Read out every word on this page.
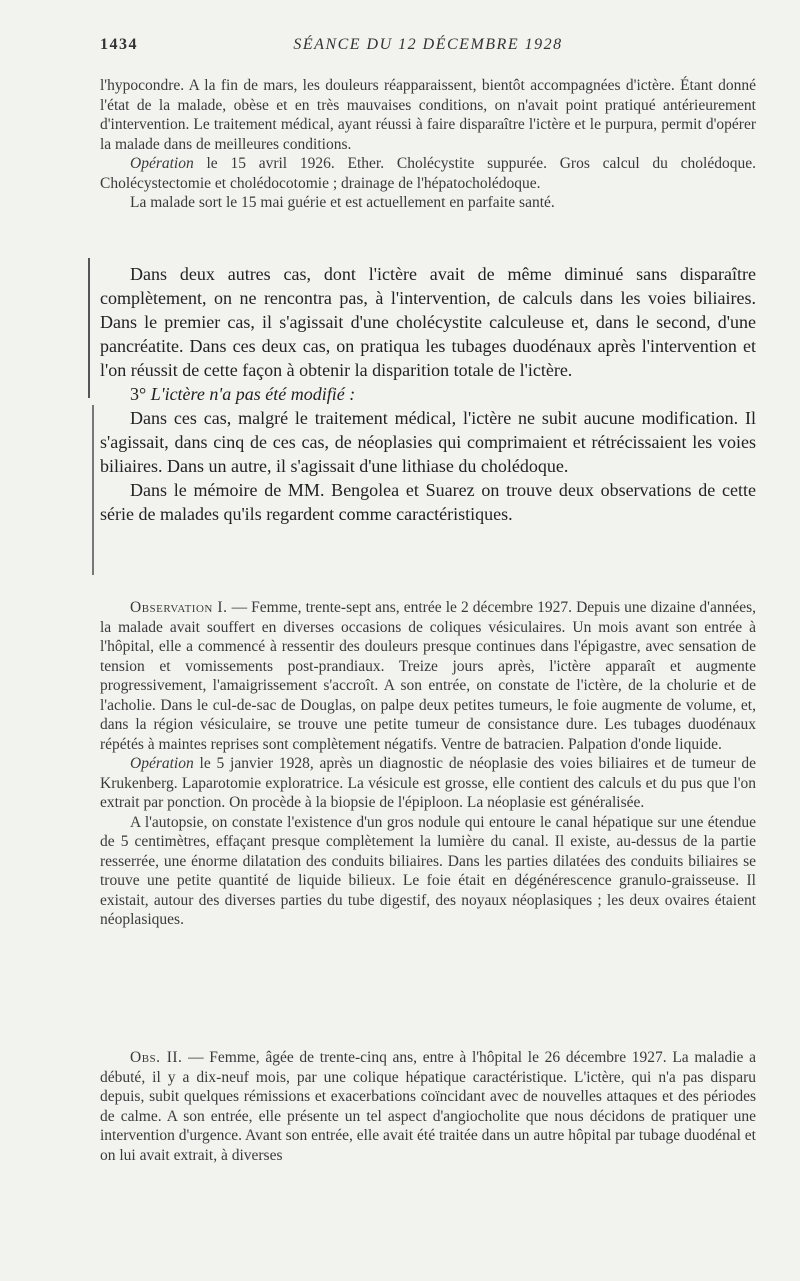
1434	SÉANCE DU 12 DÉCEMBRE 1928

l'hypocondre. A la fin de mars, les douleurs réapparaissent, bientôt accompagnées d'ictère. Étant donné l'état de la malade, obèse et en très mauvaises conditions, on n'avait point pratiqué antérieurement d'intervention. Le traitement médical, ayant réussi à faire disparaître l'ictère et le purpura, permit d'opérer la malade dans de meilleures conditions.

Opération le 15 avril 1926. Ether. Cholécystite suppurée. Gros calcul du cholédoque. Cholécystectomie et cholédocotomie ; drainage de l'hépatocholédoque.

La malade sort le 15 mai guérie et est actuellement en parfaite santé.

Dans deux autres cas, dont l'ictère avait de même diminué sans disparaître complètement, on ne rencontra pas, à l'intervention, de calculs dans les voies biliaires. Dans le premier cas, il s'agissait d'une cholécystite calculeuse et, dans le second, d'une pancréatite. Dans ces deux cas, on pratiqua les tubages duodénaux après l'intervention et l'on réussit de cette façon à obtenir la disparition totale de l'ictère.

3° L'ictère n'a pas été modifié :

Dans ces cas, malgré le traitement médical, l'ictère ne subit aucune modification. Il s'agissait, dans cinq de ces cas, de néoplasies qui comprimaient et rétrécissaient les voies biliaires. Dans un autre, il s'agissait d'une lithiase du cholédoque.

Dans le mémoire de MM. Bengolea et Suarez on trouve deux observations de cette série de malades qu'ils regardent comme caractéristiques.

Observation I. — Femme, trente-sept ans, entrée le 2 décembre 1927. Depuis une dizaine d'années, la malade avait souffert en diverses occasions de coliques vésiculaires. Un mois avant son entrée à l'hôpital, elle a commencé à ressentir des douleurs presque continues dans l'épigastre, avec sensation de tension et vomissements post-prandiaux. Treize jours après, l'ictère apparaît et augmente progressivement, l'amaigrissement s'accroît. A son entrée, on constate de l'ictère, de la cholurie et de l'acholie. Dans le cul-de-sac de Douglas, on palpe deux petites tumeurs, le foie augmente de volume, et, dans la région vésiculaire, se trouve une petite tumeur de consistance dure. Les tubages duodénaux répétés à maintes reprises sont complètement négatifs. Ventre de batracien. Palpation d'onde liquide.

Opération le 5 janvier 1928, après un diagnostic de néoplasie des voies biliaires et de tumeur de Krukenberg. Laparotomie exploratrice. La vésicule est grosse, elle contient des calculs et du pus que l'on extrait par ponction. On procède à la biopsie de l'épiploon. La néoplasie est généralisée.

A l'autopsie, on constate l'existence d'un gros nodule qui entoure le canal hépatique sur une étendue de 5 centimètres, effaçant presque complètement la lumière du canal. Il existe, au-dessus de la partie resserrée, une énorme dilatation des conduits biliaires. Dans les parties dilatées des conduits biliaires se trouve une petite quantité de liquide bilieux. Le foie était en dégénérescence granulo-graisseuse. Il existait, autour des diverses parties du tube digestif, des noyaux néoplasiques ; les deux ovaires étaient néoplasiques.

Obs. II. — Femme, âgée de trente-cinq ans, entre à l'hôpital le 26 décembre 1927. La maladie a débuté, il y a dix-neuf mois, par une colique hépatique caractéristique. L'ictère, qui n'a pas disparu depuis, subit quelques rémissions et exacerbations coïncidant avec de nouvelles attaques et des périodes de calme. A son entrée, elle présente un tel aspect d'angiocholite que nous décidons de pratiquer une intervention d'urgence. Avant son entrée, elle avait été traitée dans un autre hôpital par tubage duodénal et on lui avait extrait, à diverses
